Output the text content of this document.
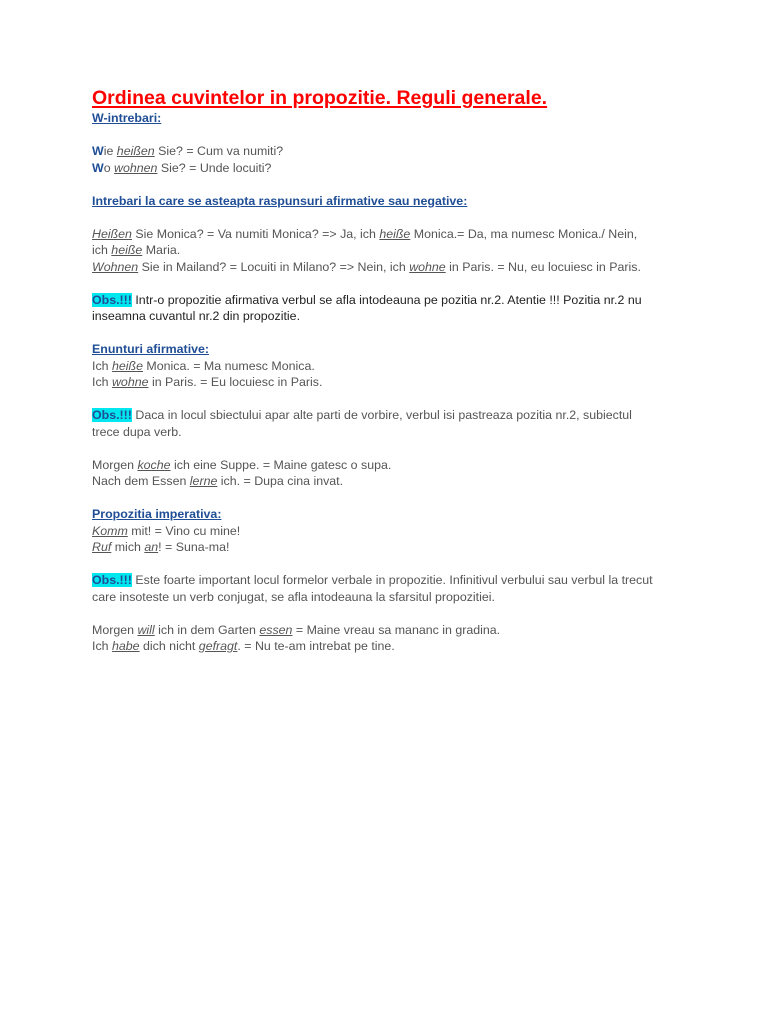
Ordinea cuvintelor in propozitie. Reguli generale.

W-intrebari:

Wie heißen Sie? = Cum va numiti?

Wo wohnen Sie? = Unde locuiti?

Intrebari la care se asteapta raspunsuri afirmative sau negative:

Heißen Sie Monica? = Va numiti Monica? => Ja, ich heiße Monica.= Da, ma numesc Monica./ Nein,

ich heiße Maria.

Wohnen Sie in Mailand? = Locuiti in Milano? => Nein, ich wohne in Paris. = Nu, eu locuiesc in Paris.

Obs.!!! Intr-o propozitie afirmativa verbul se afla intodeauna pe pozitia nr.2. Atentie !!! Pozitia nr.2 nu

inseamna cuvantul nr.2 din propozitie.

Enunturi afirmative:

Ich heiße Monica. = Ma numesc Monica.

Ich wohne in Paris. = Eu locuiesc in Paris.

Obs.!!! Daca in locul sbiectului apar alte parti de vorbire, verbul isi pastreaza pozitia nr.2, subiectul

trece dupa verb.

Morgen koche ich eine Suppe. = Maine gatesc o supa.

Nach dem Essen lerne ich. = Dupa cina invat.

Propozitia imperativa:

Komm mit! = Vino cu mine!

Ruf mich an! = Suna-ma!

Obs.!!! Este foarte important locul formelor verbale in propozitie. Infinitivul verbului sau verbul la trecut

care insoteste un verb conjugat, se afla intodeauna la sfarsitul propozitiei.

Morgen will ich in dem Garten essen = Maine vreau sa mananc in gradina.

Ich habe dich nicht gefragt. = Nu te-am intrebat pe tine.
